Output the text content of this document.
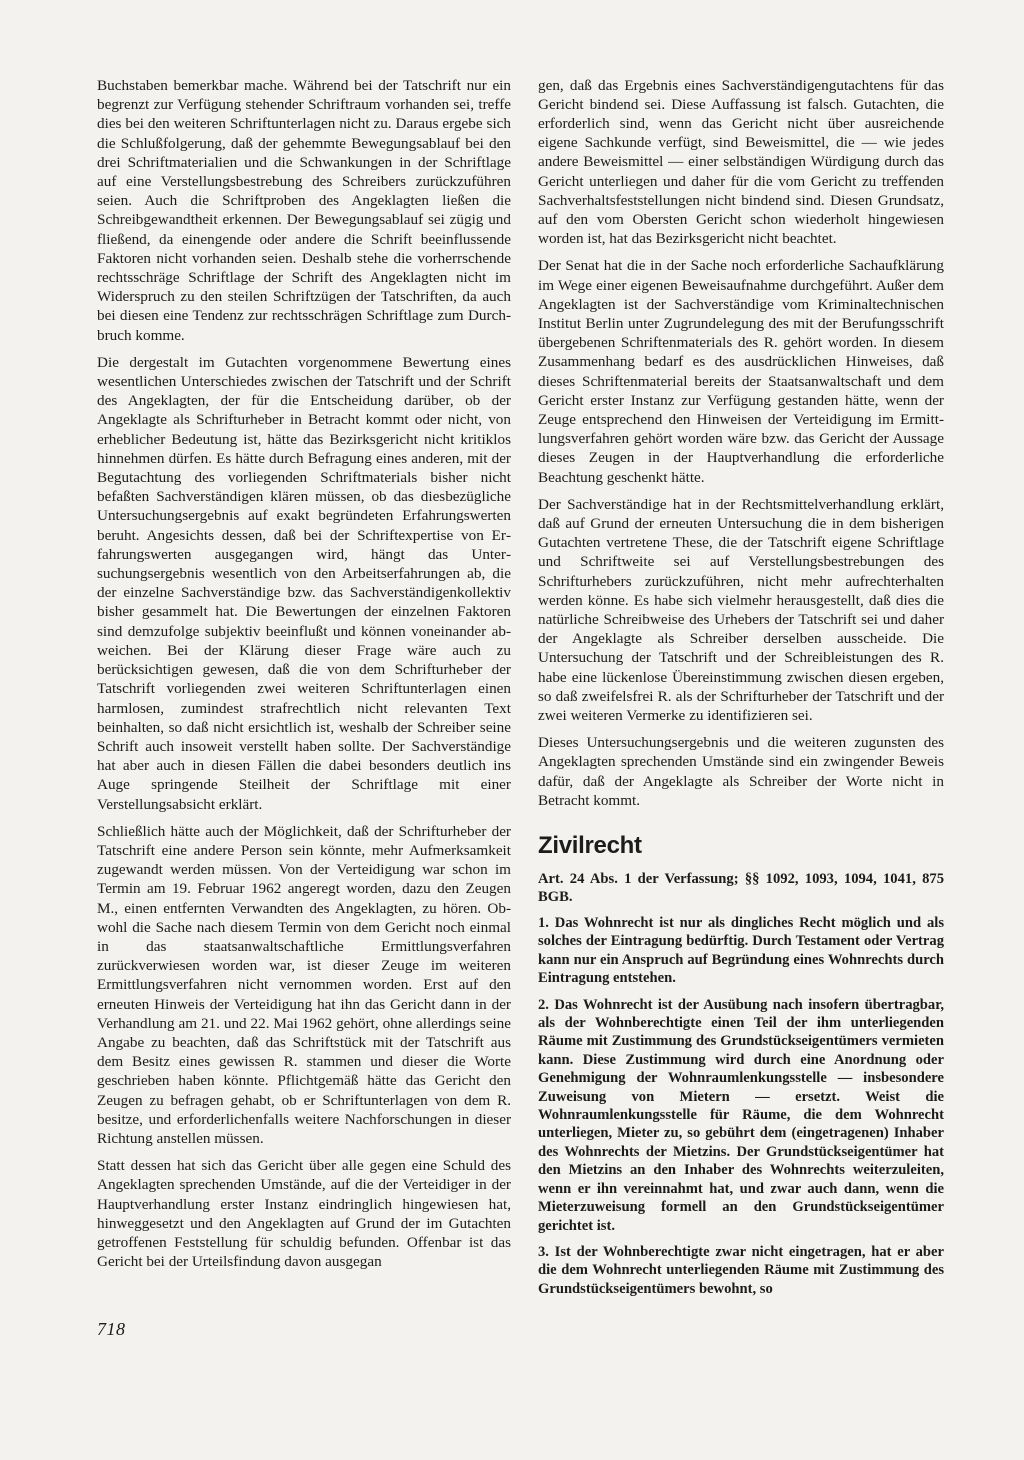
Buchstaben bemerkbar mache. Während bei der Tatschrift nur ein begrenzt zur Verfügung stehender Schriftraum vorhanden sei, treffe dies bei den weiteren Schriftunterlagen nicht zu. Daraus ergebe sich die Schlußfolgerung, daß der gehemmte Bewegungsablauf bei den drei Schriftmaterialien und die Schwankungen in der Schriftlage auf eine Verstellungsbestrebung des Schreibers zurückzuführen seien. Auch die Schriftproben des Angeklagten ließen die Schreibgewandtheit erkennen. Der Bewegungsablauf sei zügig und fließend, da einengende oder andere die Schrift beeinflussende Faktoren nicht vorhanden seien. Deshalb stehe die vorherrschende rechtsschräge Schriftlage der Schrift des Angeklagten nicht im Widerspruch zu den steilen Schriftzügen der Tatschriften, da auch bei diesen eine Tendenz zur rechtsschrägen Schriftlage zum Durchbruch komme.

Die dergestalt im Gutachten vorgenommene Bewertung eines wesentlichen Unterschiedes zwischen der Tatschrift und der Schrift des Angeklagten, der für die Entscheidung darüber, ob der Angeklagte als Schrifturheber in Betracht kommt oder nicht, von erheblicher Bedeutung ist, hätte das Bezirksgericht nicht kritiklos hinnehmen dürfen. Es hätte durch Befragung eines anderen, mit der Begutachtung des vorliegenden Schriftmaterials bisher nicht befaßten Sachverständigen klären müssen, ob das diesbezügliche Untersuchungsergebnis auf exakt begründeten Erfahrungswerten beruht. Angesichts dessen, daß bei der Schriftexpertise von Erfahrungswerten ausgegangen wird, hängt das Untersuchungsergebnis wesentlich von den Arbeitserfahrungen ab, die der einzelne Sachverständige bzw. das Sachverständigenkollektiv bisher gesammelt hat. Die Bewertungen der einzelnen Faktoren sind demzufolge subjektiv beeinflußt und können voneinander abweichen. Bei der Klärung dieser Frage wäre auch zu berücksichtigen gewesen, daß die von dem Schrifturheber der Tatschrift vorliegenden zwei weiteren Schriftunterlagen einen harmlosen, zumindest strafrechtlich nicht relevanten Text beinhalten, so daß nicht ersichtlich ist, weshalb der Schreiber seine Schrift auch insoweit verstellt haben sollte. Der Sachverständige hat aber auch in diesen Fällen die dabei besonders deutlich ins Auge springende Steilheit der Schriftlage mit einer Verstellungsabsicht erklärt.

Schließlich hätte auch der Möglichkeit, daß der Schrifturheber der Tatschrift eine andere Person sein könnte, mehr Aufmerksamkeit zugewandt werden müssen. Von der Verteidigung war schon im Termin am 19. Februar 1962 angeregt worden, dazu den Zeugen M., einen entfernten Verwandten des Angeklagten, zu hören. Obwohl die Sache nach diesem Termin von dem Gericht noch einmal in das staatsanwaltschaftliche Ermittlungsverfahren zurückverwiesen worden war, ist dieser Zeuge im weiteren Ermittlungsverfahren nicht vernommen worden. Erst auf den erneuten Hinweis der Verteidigung hat ihn das Gericht dann in der Verhandlung am 21. und 22. Mai 1962 gehört, ohne allerdings seine Angabe zu beachten, daß das Schriftstück mit der Tatschrift aus dem Besitz eines gewissen R. stammen und dieser die Worte geschrieben haben könnte. Pflichtgemäß hätte das Gericht den Zeugen zu befragen gehabt, ob er Schriftunterlagen von dem R. besitze, und erforderlichenfalls weitere Nachforschungen in dieser Richtung anstellen müssen.

Statt dessen hat sich das Gericht über alle gegen eine Schuld des Angeklagten sprechenden Umstände, auf die der Verteidiger in der Hauptverhandlung erster Instanz eindringlich hingewiesen hat, hinweggesetzt und den Angeklagten auf Grund der im Gutachten getroffenen Feststellung für schuldig befunden. Offenbar ist das Gericht bei der Urteilsfindung davon ausgegan

gen, daß das Ergebnis eines Sachverständigengutachtens für das Gericht bindend sei. Diese Auffassung ist falsch. Gutachten, die erforderlich sind, wenn das Gericht nicht über ausreichende eigene Sachkunde verfügt, sind Beweismittel, die — wie jedes andere Beweismittel — einer selbständigen Würdigung durch das Gericht unterliegen und daher für die vom Gericht zu treffenden Sachverhaltsfeststellungen nicht bindend sind. Diesen Grundsatz, auf den vom Obersten Gericht schon wiederholt hingewiesen worden ist, hat das Bezirksgericht nicht beachtet.

Der Senat hat die in der Sache noch erforderliche Sachaufklärung im Wege einer eigenen Beweisaufnahme durchgeführt. Außer dem Angeklagten ist der Sachverständige vom Kriminaltechnischen Institut Berlin unter Zugrundelegung des mit der Berufungsschrift übergebenen Schriftenmaterials des R. gehört worden. In diesem Zusammenhang bedarf es des ausdrücklichen Hinweises, daß dieses Schriftenmaterial bereits der Staatsanwaltschaft und dem Gericht erster Instanz zur Verfügung gestanden hätte, wenn der Zeuge entsprechend den Hinweisen der Verteidigung im Ermittlungsverfahren gehört worden wäre bzw. das Gericht der Aussage dieses Zeugen in der Hauptverhandlung die erforderliche Beachtung geschenkt hätte.

Der Sachverständige hat in der Rechtsmittelverhandlung erklärt, daß auf Grund der erneuten Untersuchung die in dem bisherigen Gutachten vertretene These, die der Tatschrift eigene Schriftlage und Schriftweite sei auf Verstellungsbestrebungen des Schrifturhebers zurückzuführen, nicht mehr aufrechterhalten werden könne. Es habe sich vielmehr herausgestellt, daß dies die natürliche Schreibweise des Urhebers der Tatschrift sei und daher der Angeklagte als Schreiber derselben ausscheide. Die Untersuchung der Tatschrift und der Schreibleistungen des R. habe eine lückenlose Übereinstimmung zwischen diesen ergeben, so daß zweifelsfrei R. als der Schrifturheber der Tatschrift und der zwei weiteren Vermerke zu identifizieren sei.

Dieses Untersuchungsergebnis und die weiteren zugunsten des Angeklagten sprechenden Umstände sind ein zwingender Beweis dafür, daß der Angeklagte als Schreiber der Worte nicht in Betracht kommt.

Zivilrecht

Art. 24 Abs. 1 der Verfassung; §§ 1092, 1093, 1094, 1041, 875 BGB.

1. Das Wohnrecht ist nur als dingliches Recht möglich und als solches der Eintragung bedürftig. Durch Testament oder Vertrag kann nur ein Anspruch auf Begründung eines Wohnrechts durch Eintragung entstehen.

2. Das Wohnrecht ist der Ausübung nach insofern übertragbar, als der Wohnberechtigte einen Teil der ihm unterliegenden Räume mit Zustimmung des Grundstückseigentümers vermieten kann. Diese Zustimmung wird durch eine Anordnung oder Genehmigung der Wohnraumlenkungsstelle — insbesondere Zuweisung von Mietern — ersetzt. Weist die Wohnraumlenkungsstelle für Räume, die dem Wohnrecht unterliegen, Mieter zu, so gebührt dem (eingetragenen) Inhaber des Wohnrechts der Mietzins. Der Grundstückseigentümer hat den Mietzins an den Inhaber des Wohnrechts weiterzuleiten, wenn er ihn vereinnahmt hat, und zwar auch dann, wenn die Mieterzuweisung formell an den Grundstückseigentümer gerichtet ist.

3. Ist der Wohnberechtigte zwar nicht eingetragen, hat er aber die dem Wohnrecht unterliegenden Räume mit Zustimmung des Grundstückseigentümers bewohnt, so

718
